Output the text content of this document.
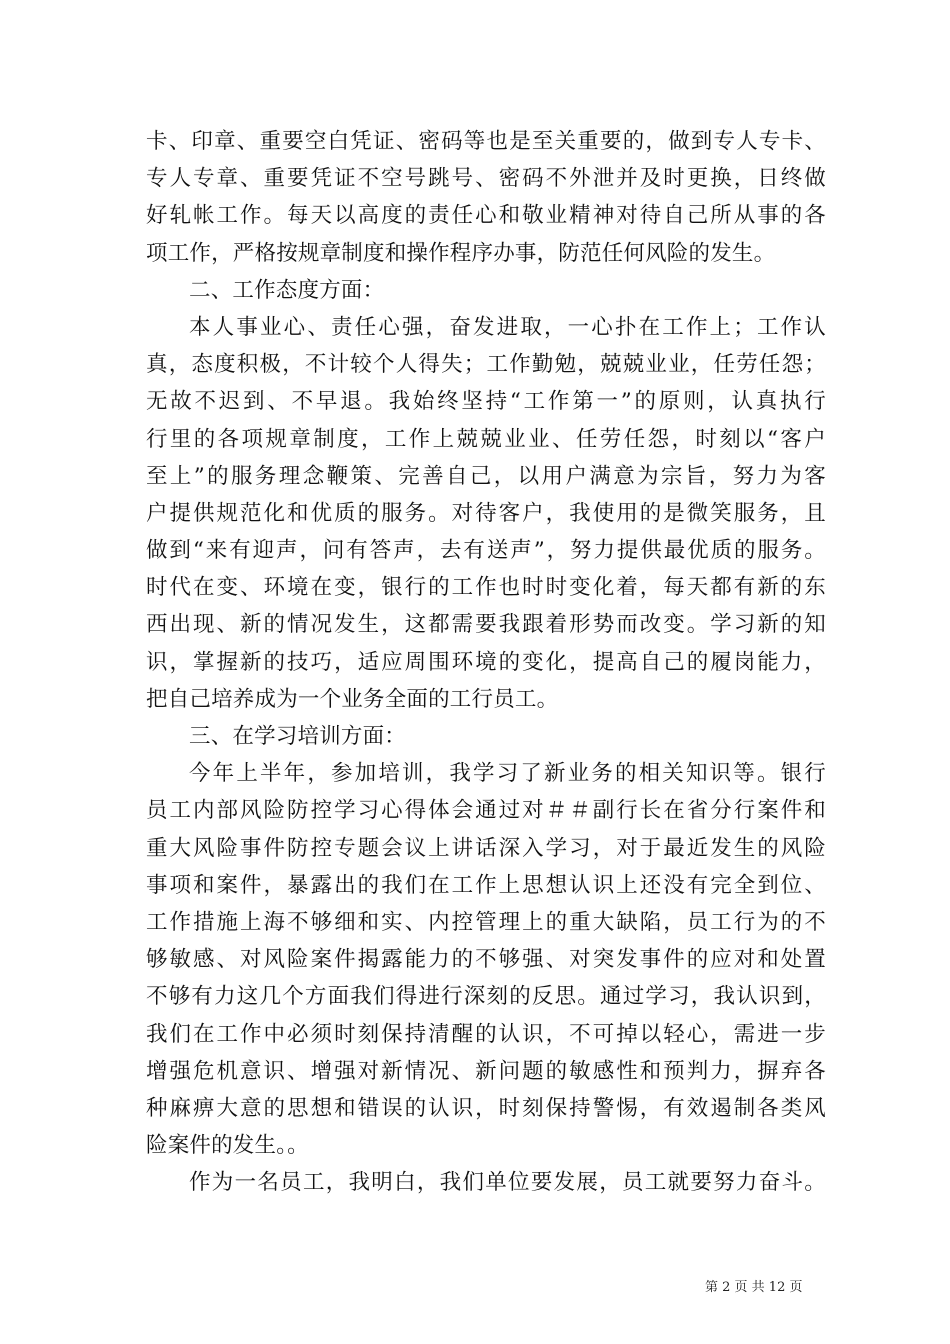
卡、印章、重要空白凭证、密码等也是至关重要的，做到专人专卡、
专人专章、重要凭证不空号跳号、密码不外泄并及时更换，日终做
好轧帐工作。每天以高度的责任心和敬业精神对待自己所从事的各
项工作，严格按规章制度和操作程序办事，防范任何风险的发生。
二、工作态度方面：
本人事业心、责任心强，奋发进取，一心扑在工作上；工作认
真，态度积极，不计较个人得失；工作勤勉，兢兢业业，任劳任怨；
无故不迟到、不早退。我始终坚持“工作第一”的原则，认真执行
行里的各项规章制度，工作上兢兢业业、任劳任怨，时刻以“客户
至上”的服务理念鞭策、完善自己，以用户满意为宗旨，努力为客
户提供规范化和优质的服务。对待客户，我使用的是微笑服务，且
做到“来有迎声，问有答声，去有送声”，努力提供最优质的服务。
时代在变、环境在变，银行的工作也时时变化着，每天都有新的东
西出现、新的情况发生，这都需要我跟着形势而改变。学习新的知
识，掌握新的技巧，适应周围环境的变化，提高自己的履岗能力，
把自己培养成为一个业务全面的工行员工。
三、在学习培训方面：
今年上半年，参加培训，我学习了新业务的相关知识等。银行
员工内部风险防控学习心得体会通过对＃＃副行长在省分行案件和
重大风险事件防控专题会议上讲话深入学习，对于最近发生的风险
事项和案件，暴露出的我们在工作上思想认识上还没有完全到位、
工作措施上海不够细和实、内控管理上的重大缺陷，员工行为的不
够敏感、对风险案件揭露能力的不够强、对突发事件的应对和处置
不够有力这几个方面我们得进行深刻的反思。通过学习，我认识到，
我们在工作中必须时刻保持清醒的认识，不可掉以轻心，需进一步
增强危机意识、增强对新情况、新问题的敏感性和预判力，摒弃各
种麻痹大意的思想和错误的认识，时刻保持警惕，有效遏制各类风
险案件的发生。。
作为一名员工，我明白，我们单位要发展，员工就要努力奋斗。
第 2 页 共 12 页
